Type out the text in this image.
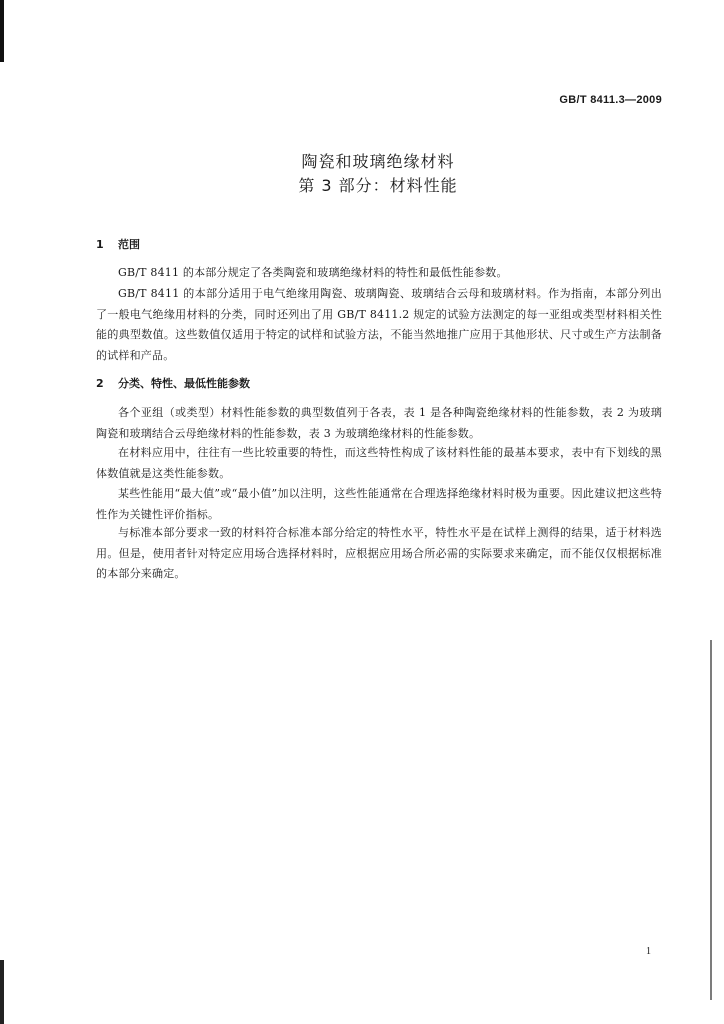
GB/T 8411.3—2009
陶瓷和玻璃绝缘材料
第 3 部分：材料性能
1 范围
GB/T 8411 的本部分规定了各类陶瓷和玻璃绝缘材料的特性和最低性能参数。
GB/T 8411 的本部分适用于电气绝缘用陶瓷、玻璃陶瓷、玻璃结合云母和玻璃材料。作为指南，本部分列出了一般电气绝缘用材料的分类，同时还列出了用 GB/T 8411.2 规定的试验方法测定的每一亚组或类型材料相关性能的典型数值。这些数值仅适用于特定的试样和试验方法，不能当然地推广应用于其他形状、尺寸或生产方法制备的试样和产品。
2 分类、特性、最低性能参数
各个亚组（或类型）材料性能参数的典型数值列于各表，表 1 是各种陶瓷绝缘材料的性能参数，表 2 为玻璃陶瓷和玻璃结合云母绝缘材料的性能参数，表 3 为玻璃绝缘材料的性能参数。
在材料应用中，往往有一些比较重要的特性，而这些特性构成了该材料性能的最基本要求，表中有下划线的黑体数值就是这类性能参数。
某些性能用“最大值”或“最小值”加以注明，这些性能通常在合理选择绝缘材料时极为重要。因此建议把这些特性作为关键性评价指标。
与标准本部分要求一致的材料符合标准本部分给定的特性水平，特性水平是在试样上测得的结果，适于材料选用。但是，使用者针对特定应用场合选择材料时，应根据应用场合所必需的实际要求来确定，而不能仅仅根据标准的本部分来确定。
1
